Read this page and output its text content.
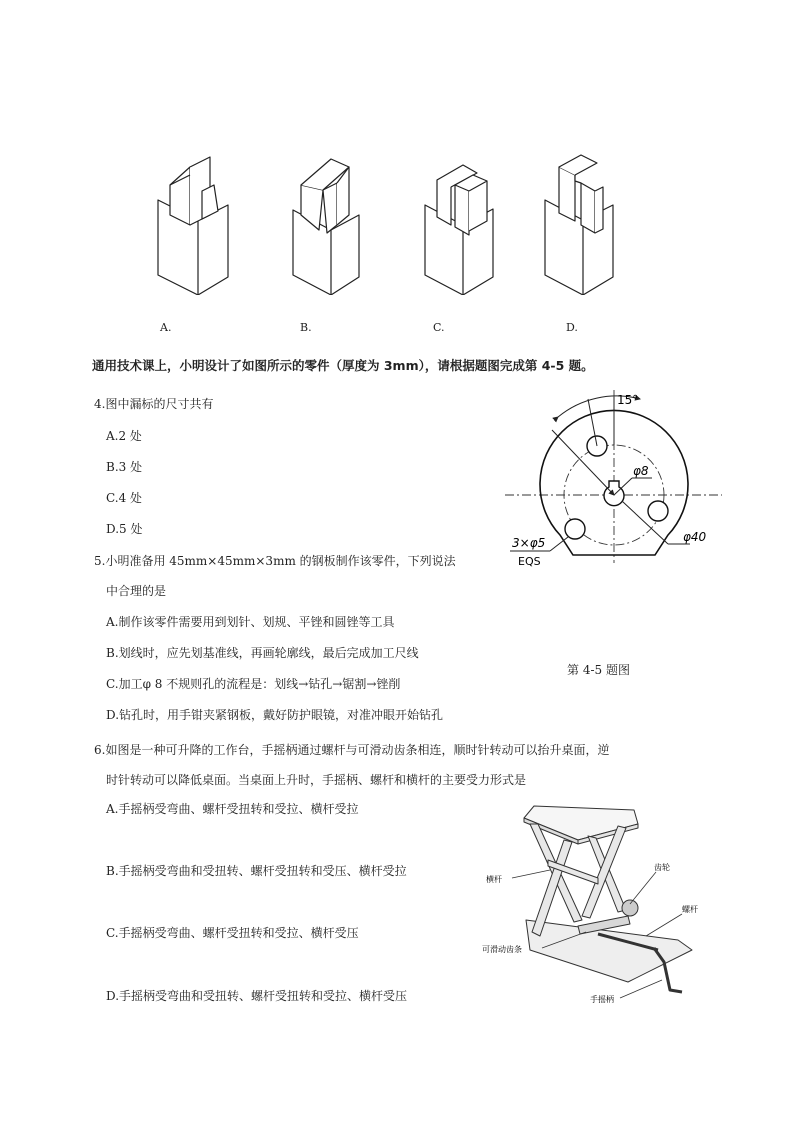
A.	B.	C.	D.
通用技术课上，小明设计了如图所示的零件（厚度为 3mm），请根据题图完成第 4-5 题。
4.图中漏标的尺寸共有
A.2 处
B.3 处
C.4 处
D.5 处
5.小明准备用 45mm×45mm×3mm 的钢板制作该零件，下列说法
中合理的是
A.制作该零件需要用到划针、划规、平锉和圆锉等工具
B.划线时，应先划基准线，再画轮廓线，最后完成加工尺线
C.加工φ 8 不规则孔的流程是：划线→钻孔→锯割→锉削
D.钻孔时，用手钳夹紧钢板，戴好防护眼镜，对准冲眼开始钻孔
15°
φ8
φ40
3×φ5
EQS
第 4-5 题图
6.如图是一种可升降的工作台，手摇柄通过螺杆与可滑动齿条相连，顺时针转动可以抬升桌面，逆
时针转动可以降低桌面。当桌面上升时，手摇柄、螺杆和横杆的主要受力形式是
A.手摇柄受弯曲、螺杆受扭转和受拉、横杆受拉
B.手摇柄受弯曲和受扭转、螺杆受扭转和受压、横杆受拉
C.手摇柄受弯曲、螺杆受扭转和受拉、横杆受压
D.手摇柄受弯曲和受扭转、螺杆受扭转和受拉、横杆受压
横杆
齿轮
螺杆
可滑动齿条
手摇柄
